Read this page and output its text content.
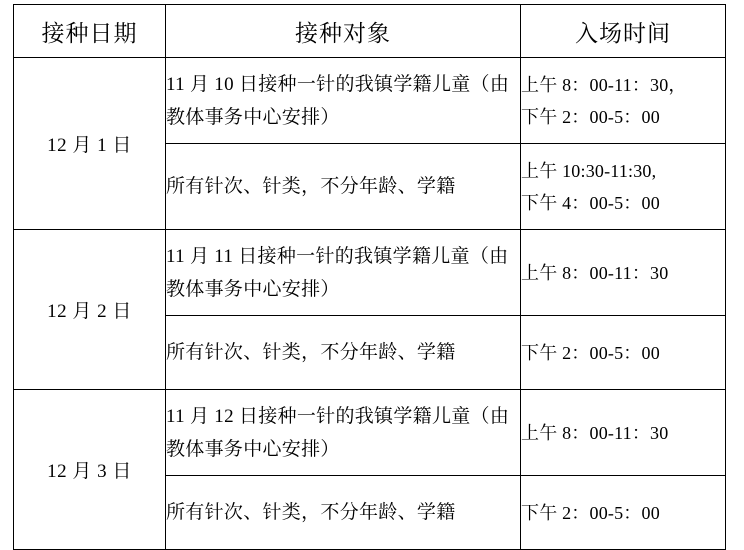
接种日期	接种对象	入场时间
12 月 1 日	11 月 10 日接种一针的我镇学籍儿童（由教体事务中心安排）	上午 8：00-11：30，
下午 2：00-5：00

	所有针次、针类，不分年龄、学籍	上午 10:30-11:30,
下午 4：00-5：00

12 月 2 日	11 月 11 日接种一针的我镇学籍儿童（由教体事务中心安排）	上午 8：00-11：30

	所有针次、针类，不分年龄、学籍	下午 2：00-5：00

12 月 3 日	11 月 12 日接种一针的我镇学籍儿童（由教体事务中心安排）	上午 8：00-11：30

	所有针次、针类，不分年龄、学籍	下午 2：00-5：00
